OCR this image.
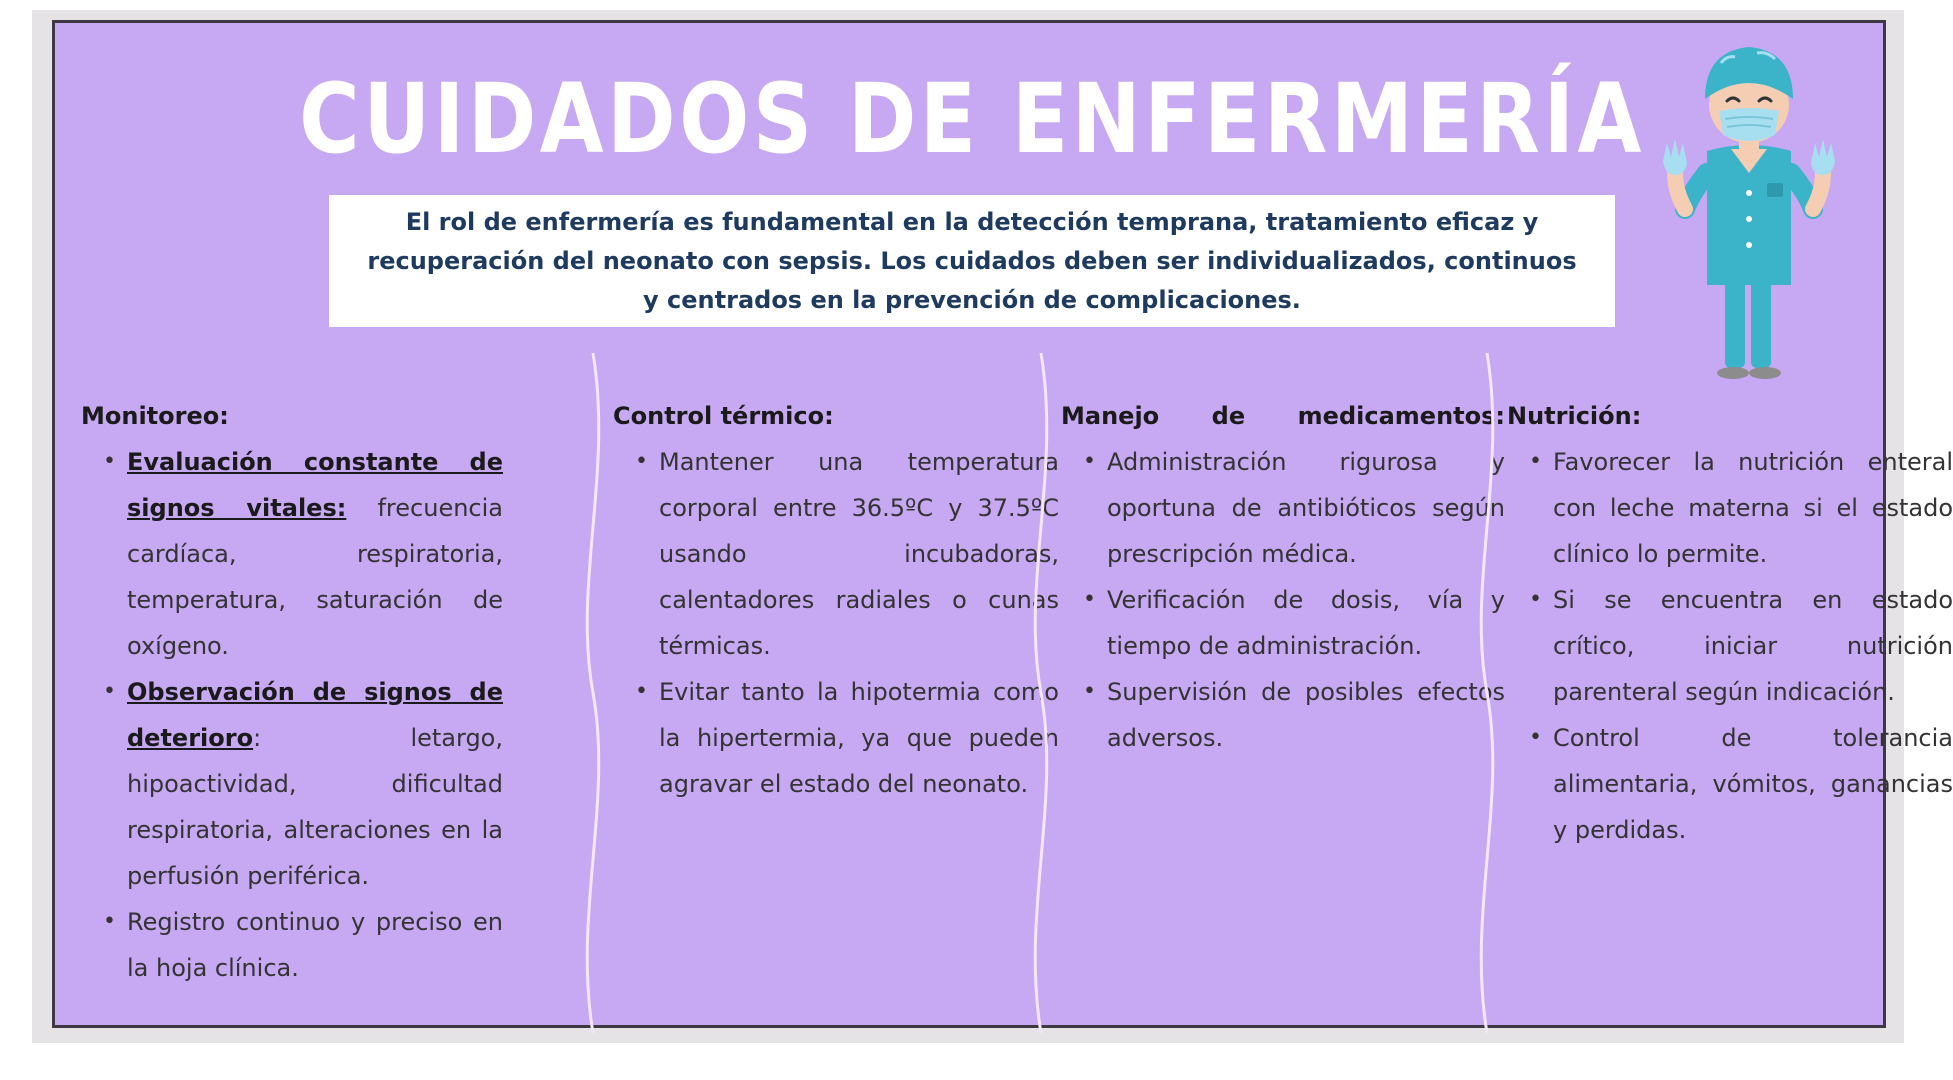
CUIDADOS DE ENFERMERÍA

El rol de enfermería es fundamental en la detección temprana, tratamiento eficaz y recuperación del neonato con sepsis. Los cuidados deben ser individualizados, continuos y centrados en la prevención de complicaciones.

Monitoreo:

• Evaluación constante de signos vitales: frecuencia cardíaca, respiratoria, temperatura, saturación de oxígeno.
• Observación de signos de deterioro: letargo, hipoactividad, dificultad respiratoria, alteraciones en la perfusión periférica.
• Registro continuo y preciso en la hoja clínica.

Control térmico:

• Mantener una temperatura corporal entre 36.5ºC y 37.5ºC usando incubadoras, calentadores radiales o cunas térmicas.
• Evitar tanto la hipotermia como la hipertermia, ya que pueden agravar el estado del neonato.

Manejo de medicamentos:

• Administración rigurosa y oportuna de antibióticos según prescripción médica.
• Verificación de dosis, vía y tiempo de administración.
• Supervisión de posibles efectos adversos.

Nutrición:

• Favorecer la nutrición enteral con leche materna si el estado clínico lo permite.
• Si se encuentra en estado crítico, iniciar nutrición parenteral según indicación.
• Control de tolerancia alimentaria, vómitos, ganancias y perdidas.
